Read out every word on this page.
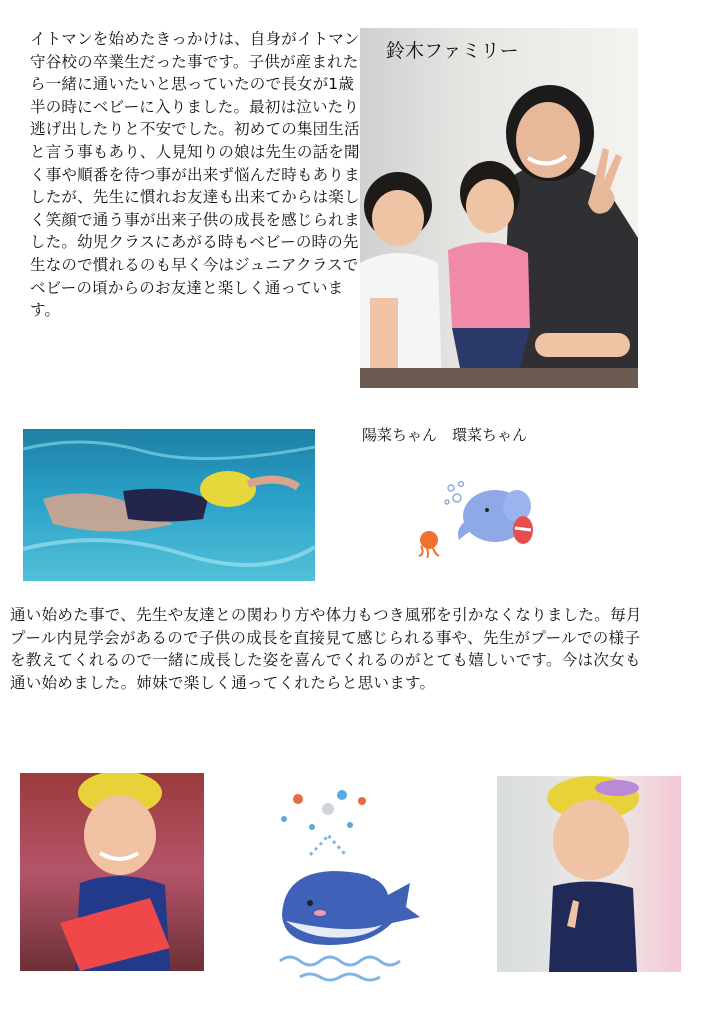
イトマンを始めたきっかけは、自身がイトマン守谷校の卒業生だった事です。子供が産まれたら一緒に通いたいと思っていたので長女が1歳半の時にベビーに入りました。最初は泣いたり逃げ出したりと不安でした。初めての集団生活と言う事もあり、人見知りの娘は先生の話を聞く事や順番を待つ事が出来ず悩んだ時もありましたが、先生に慣れお友達も出来てからは楽しく笑顔で通う事が出来子供の成長を感じられました。幼児クラスにあがる時もベビーの時の先生なので慣れるのも早く今はジュニアクラスでベビーの頃からのお友達と楽しく通っています。
鈴木ファミリー
陽菜ちゃん　環菜ちゃん
通い始めた事で、先生や友達との関わり方や体力もつき風邪を引かなくなりました。毎月プール内見学会があるので子供の成長を直接見て感じられる事や、先生がプールでの様子を教えてくれるので一緒に成長した姿を喜んでくれるのがとても嬉しいです。今は次女も通い始めました。姉妹で楽しく通ってくれたらと思います。
